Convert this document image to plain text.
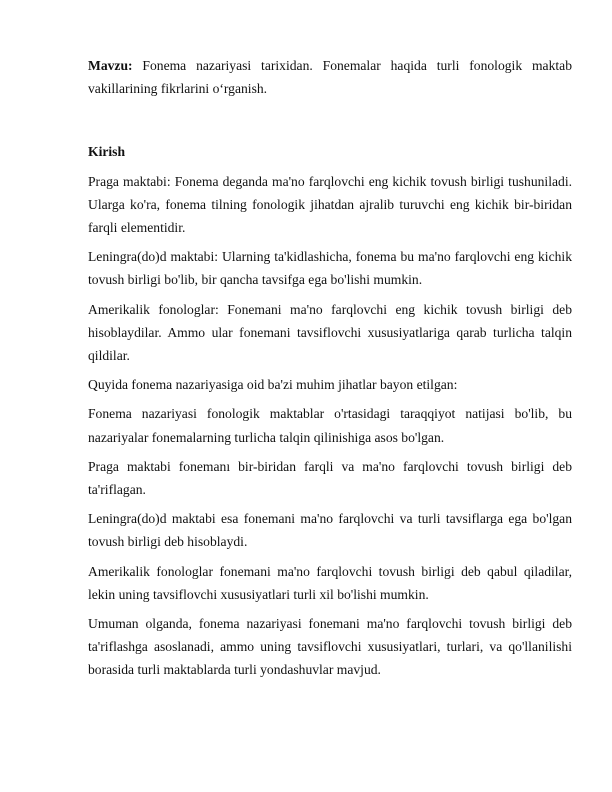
Mavzu: Fonema nazariyasi tarixidan. Fonemalar haqida turli fonologik maktab vakillarining fikrlarini o‘rganish.

Kirish

Praga maktabi: Fonema deganda ma'no farqlovchi eng kichik tovush birligi tushuniladi. Ularga ko'ra, fonema tilning fonologik jihatdan ajralib turuvchi eng kichik bir-biridan farqli elementidir.

Leningra(do)d maktabi: Ularning ta'kidlashicha, fonema bu ma'no farqlovchi eng kichik tovush birligi bo'lib, bir qancha tavsifga ega bo'lishi mumkin.

Amerikalik fonologlar: Fonemani ma'no farqlovchi eng kichik tovush birligi deb hisoblaydilar. Ammo ular fonemani tavsiflovchi xususiyatlariga qarab turlicha talqin qildilar.

Quyida fonema nazariyasiga oid ba'zi muhim jihatlar bayon etilgan:

Fonema nazariyasi fonologik maktablar o'rtasidagi taraqqiyot natijasi bo'lib, bu nazariyalar fonemalarning turlicha talqin qilinishiga asos bo'lgan.

Praga maktabi fonemanı bir-biridan farqli va ma'no farqlovchi tovush birligi deb ta'riflagan.

Leningra(do)d maktabi esa fonemani ma'no farqlovchi va turli tavsiflarga ega bo'lgan tovush birligi deb hisoblaydi.

Amerikalik fonologlar fonemani ma'no farqlovchi tovush birligi deb qabul qiladilar, lekin uning tavsiflovchi xususiyatlari turli xil bo'lishi mumkin.

Umuman olganda, fonema nazariyasi fonemani ma'no farqlovchi tovush birligi deb ta'riflashga asoslanadi, ammo uning tavsiflovchi xususiyatlari, turlari, va qo'llanilishi borasida turli maktablarda turli yondashuvlar mavjud.
